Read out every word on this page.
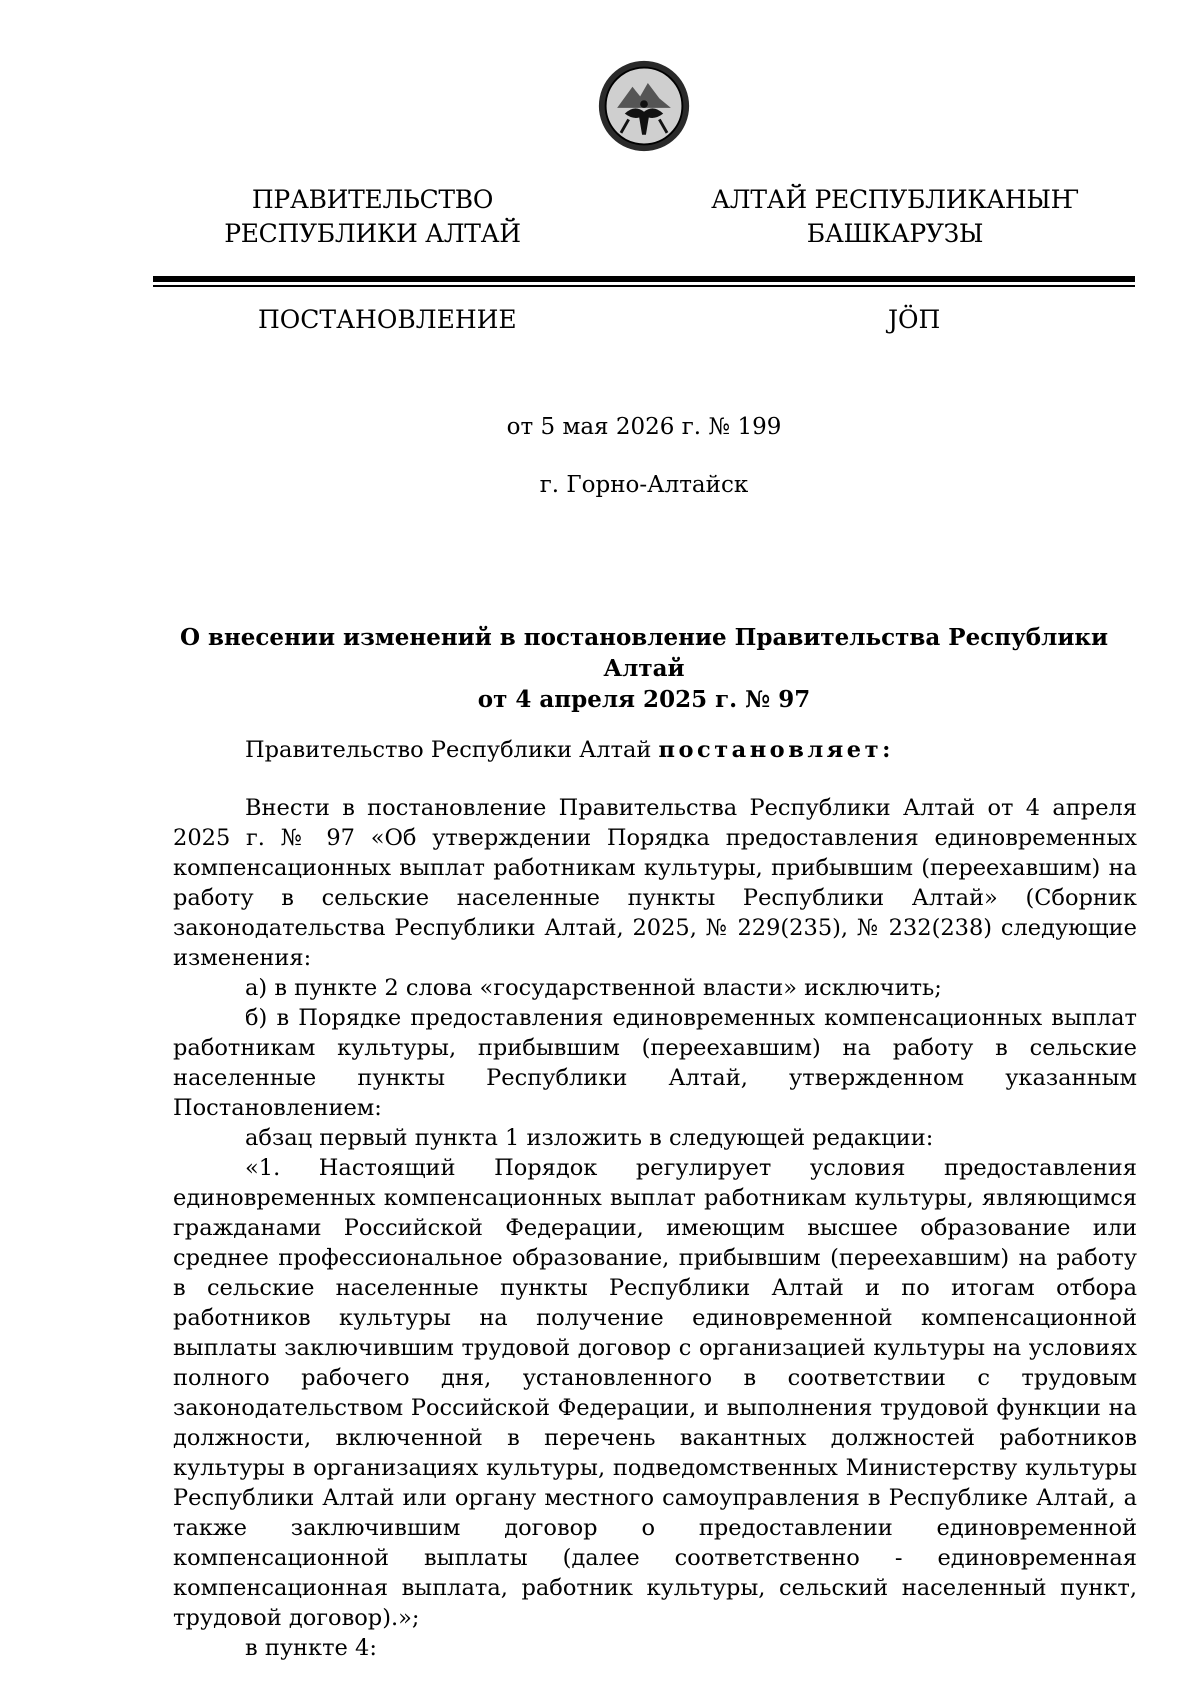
ПРАВИТЕЛЬСТВО
РЕСПУБЛИКИ АЛТАЙ
АЛТАЙ РЕСПУБЛИКАНЫҤ
БАШКАРУЗЫ
ПОСТАНОВЛЕНИЕ	ЈӦП
от 5 мая 2026 г. № 199
г. Горно-Алтайск
О внесении изменений в постановление Правительства Республики Алтай
от 4 апреля 2025 г. № 97

Правительство Республики Алтай постановляет:

Внести в постановление Правительства Республики Алтай от 4 апреля 2025 г. № 97 «Об утверждении Порядка предоставления единовременных компенсационных выплат работникам культуры, прибывшим (переехавшим) на работу в сельские населенные пункты Республики Алтай» (Сборник законодательства Республики Алтай, 2025, № 229(235), № 232(238) следующие изменения:

а) в пункте 2 слова «государственной власти» исключить;

б) в Порядке предоставления единовременных компенсационных выплат работникам культуры, прибывшим (переехавшим) на работу в сельские населенные пункты Республики Алтай, утвержденном указанным Постановлением:

абзац первый пункта 1 изложить в следующей редакции:

«1. Настоящий Порядок регулирует условия предоставления единовременных компенсационных выплат работникам культуры, являющимся гражданами Российской Федерации, имеющим высшее образование или среднее профессиональное образование, прибывшим (переехавшим) на работу в сельские населенные пункты Республики Алтай и по итогам отбора работников культуры на получение единовременной компенсационной выплаты заключившим трудовой договор с организацией культуры на условиях полного рабочего дня, установленного в соответствии с трудовым законодательством Российской Федерации, и выполнения трудовой функции на должности, включенной в перечень вакантных должностей работников культуры в организациях культуры, подведомственных Министерству культуры Республики Алтай или органу местного самоуправления в Республике Алтай, а также заключившим договор о предоставлении единовременной компенсационной выплаты (далее соответственно - единовременная компенсационная выплата, работник культуры, сельский населенный пункт, трудовой договор).»;

в пункте 4:
